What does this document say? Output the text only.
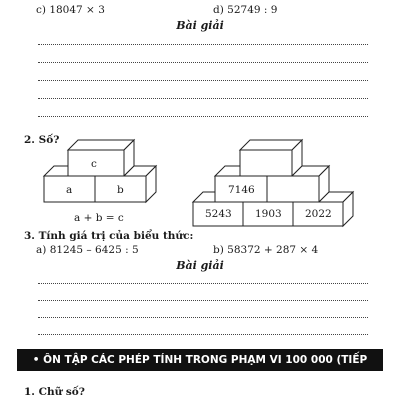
c) 18047 × 3	d) 52749 : 9
Bài giải
2. Số?
c
a	b
a + b = c
7146
5243 1903 2022
3. Tính giá trị của biểu thức:
a) 81245 – 6425 : 5	b) 58372 + 287 × 4
Bài giải
• ÔN TẬP CÁC PHÉP TÍNH TRONG PHẠM VI 100 000 (TIẾP THEO)
1. Chữ số?
